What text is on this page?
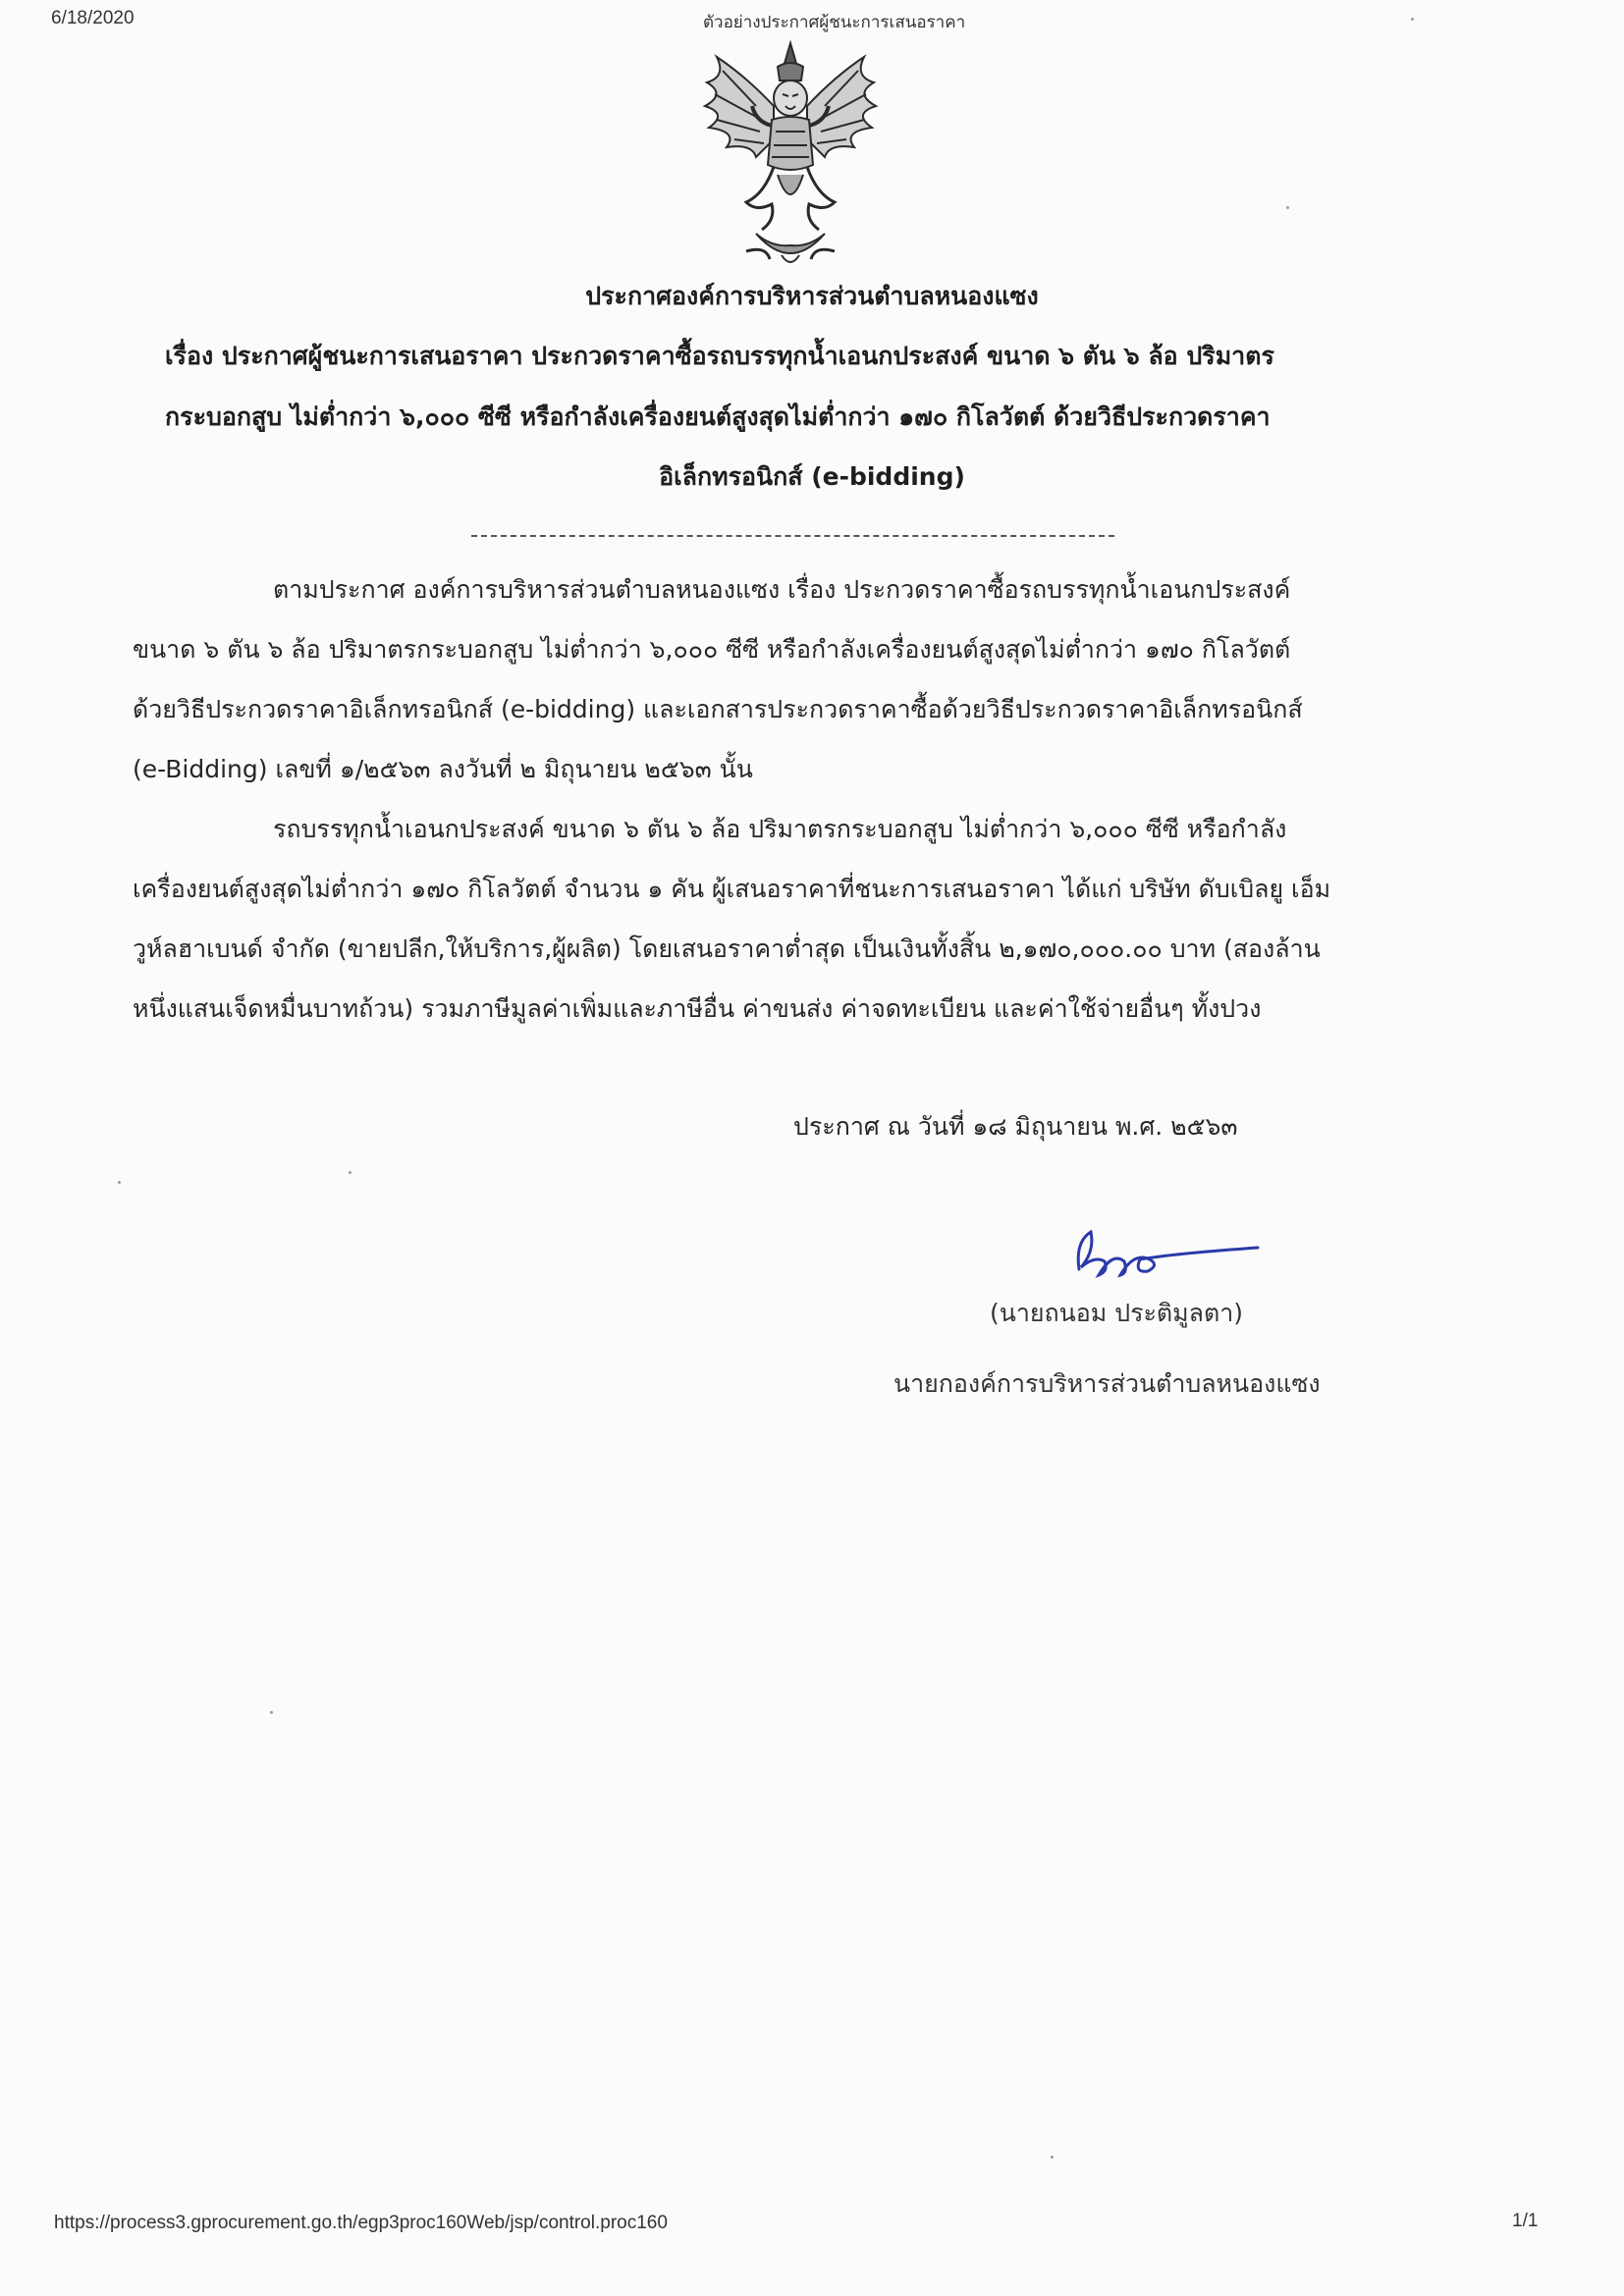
6/18/2020	ตัวอย่างประกาศผู้ชนะการเสนอราคา
ประกาศองค์การบริหารส่วนตำบลหนองแซง
เรื่อง ประกาศผู้ชนะการเสนอราคา ประกวดราคาซื้อรถบรรทุกน้ำเอนกประสงค์ ขนาด ๖ ตัน ๖ ล้อ ปริมาตร
กระบอกสูบ ไม่ต่ำกว่า ๖,๐๐๐ ซีซี หรือกำลังเครื่องยนต์สูงสุดไม่ต่ำกว่า ๑๗๐ กิโลวัตต์ ด้วยวิธีประกวดราคา
อิเล็กทรอนิกส์ (e-bidding)
ตามประกาศ องค์การบริหารส่วนตำบลหนองแซง เรื่อง ประกวดราคาซื้อรถบรรทุกน้ำเอนกประสงค์
ขนาด ๖ ตัน ๖ ล้อ ปริมาตรกระบอกสูบ ไม่ต่ำกว่า ๖,๐๐๐ ซีซี หรือกำลังเครื่องยนต์สูงสุดไม่ต่ำกว่า ๑๗๐ กิโลวัตต์
ด้วยวิธีประกวดราคาอิเล็กทรอนิกส์ (e-bidding) และเอกสารประกวดราคาซื้อด้วยวิธีประกวดราคาอิเล็กทรอนิกส์
(e-Bidding) เลขที่ ๑/๒๕๖๓ ลงวันที่ ๒ มิถุนายน ๒๕๖๓ นั้น
รถบรรทุกน้ำเอนกประสงค์ ขนาด ๖ ตัน ๖ ล้อ ปริมาตรกระบอกสูบ ไม่ต่ำกว่า ๖,๐๐๐ ซีซี หรือกำลัง
เครื่องยนต์สูงสุดไม่ต่ำกว่า ๑๗๐ กิโลวัตต์ จำนวน ๑ คัน ผู้เสนอราคาที่ชนะการเสนอราคา ได้แก่ บริษัท ดับเบิลยู เอ็ม
วูห์ลฮาเบนด์ จำกัด (ขายปลีก,ให้บริการ,ผู้ผลิต) โดยเสนอราคาต่ำสุด เป็นเงินทั้งสิ้น ๒,๑๗๐,๐๐๐.๐๐ บาท (สองล้าน
หนึ่งแสนเจ็ดหมื่นบาทถ้วน) รวมภาษีมูลค่าเพิ่มและภาษีอื่น ค่าขนส่ง ค่าจดทะเบียน และค่าใช้จ่ายอื่นๆ ทั้งปวง
ประกาศ ณ วันที่ ๑๘ มิถุนายน พ.ศ. ๒๕๖๓
(นายถนอม ประติมูลตา)
นายกองค์การบริหารส่วนตำบลหนองแซง
https://process3.gprocurement.go.th/egp3proc160Web/jsp/control.proc160	1/1
